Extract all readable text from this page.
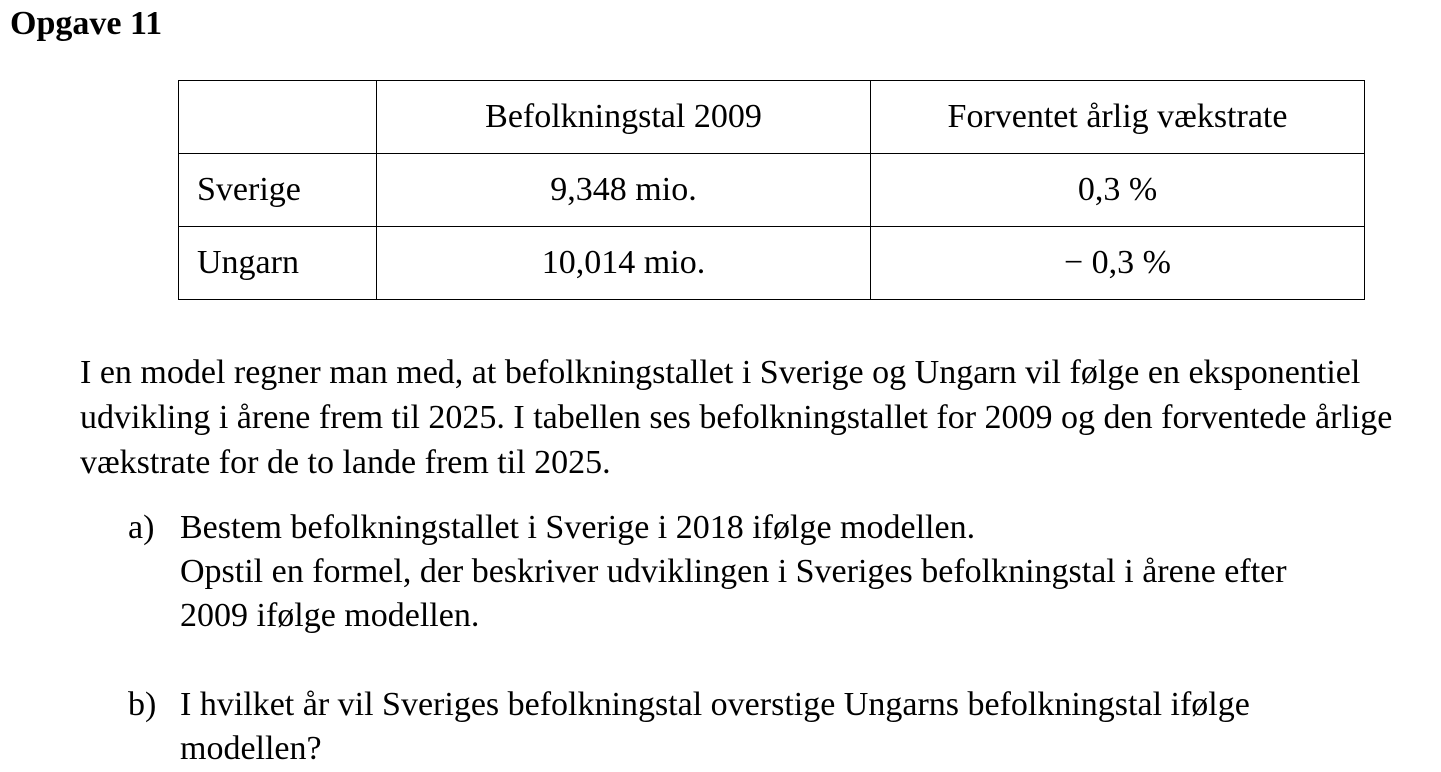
Opgave 11
	Befolkningstal 2009	Forventet årlig vækstrate
Sverige	9,348 mio.	0,3 %
Ungarn	10,014 mio.	− 0,3 %

I en model regner man med, at befolkningstallet i Sverige og Ungarn vil følge en eksponentiel udvikling i årene frem til 2025. I tabellen ses befolkningstallet for 2009 og den forventede årlige vækstrate for de to lande frem til 2025.

a) Bestem befolkningstallet i Sverige i 2018 ifølge modellen.
Opstil en formel, der beskriver udviklingen i Sveriges befolkningstal i årene efter
2009 ifølge modellen.
b) I hvilket år vil Sveriges befolkningstal overstige Ungarns befolkningstal ifølge
modellen?
